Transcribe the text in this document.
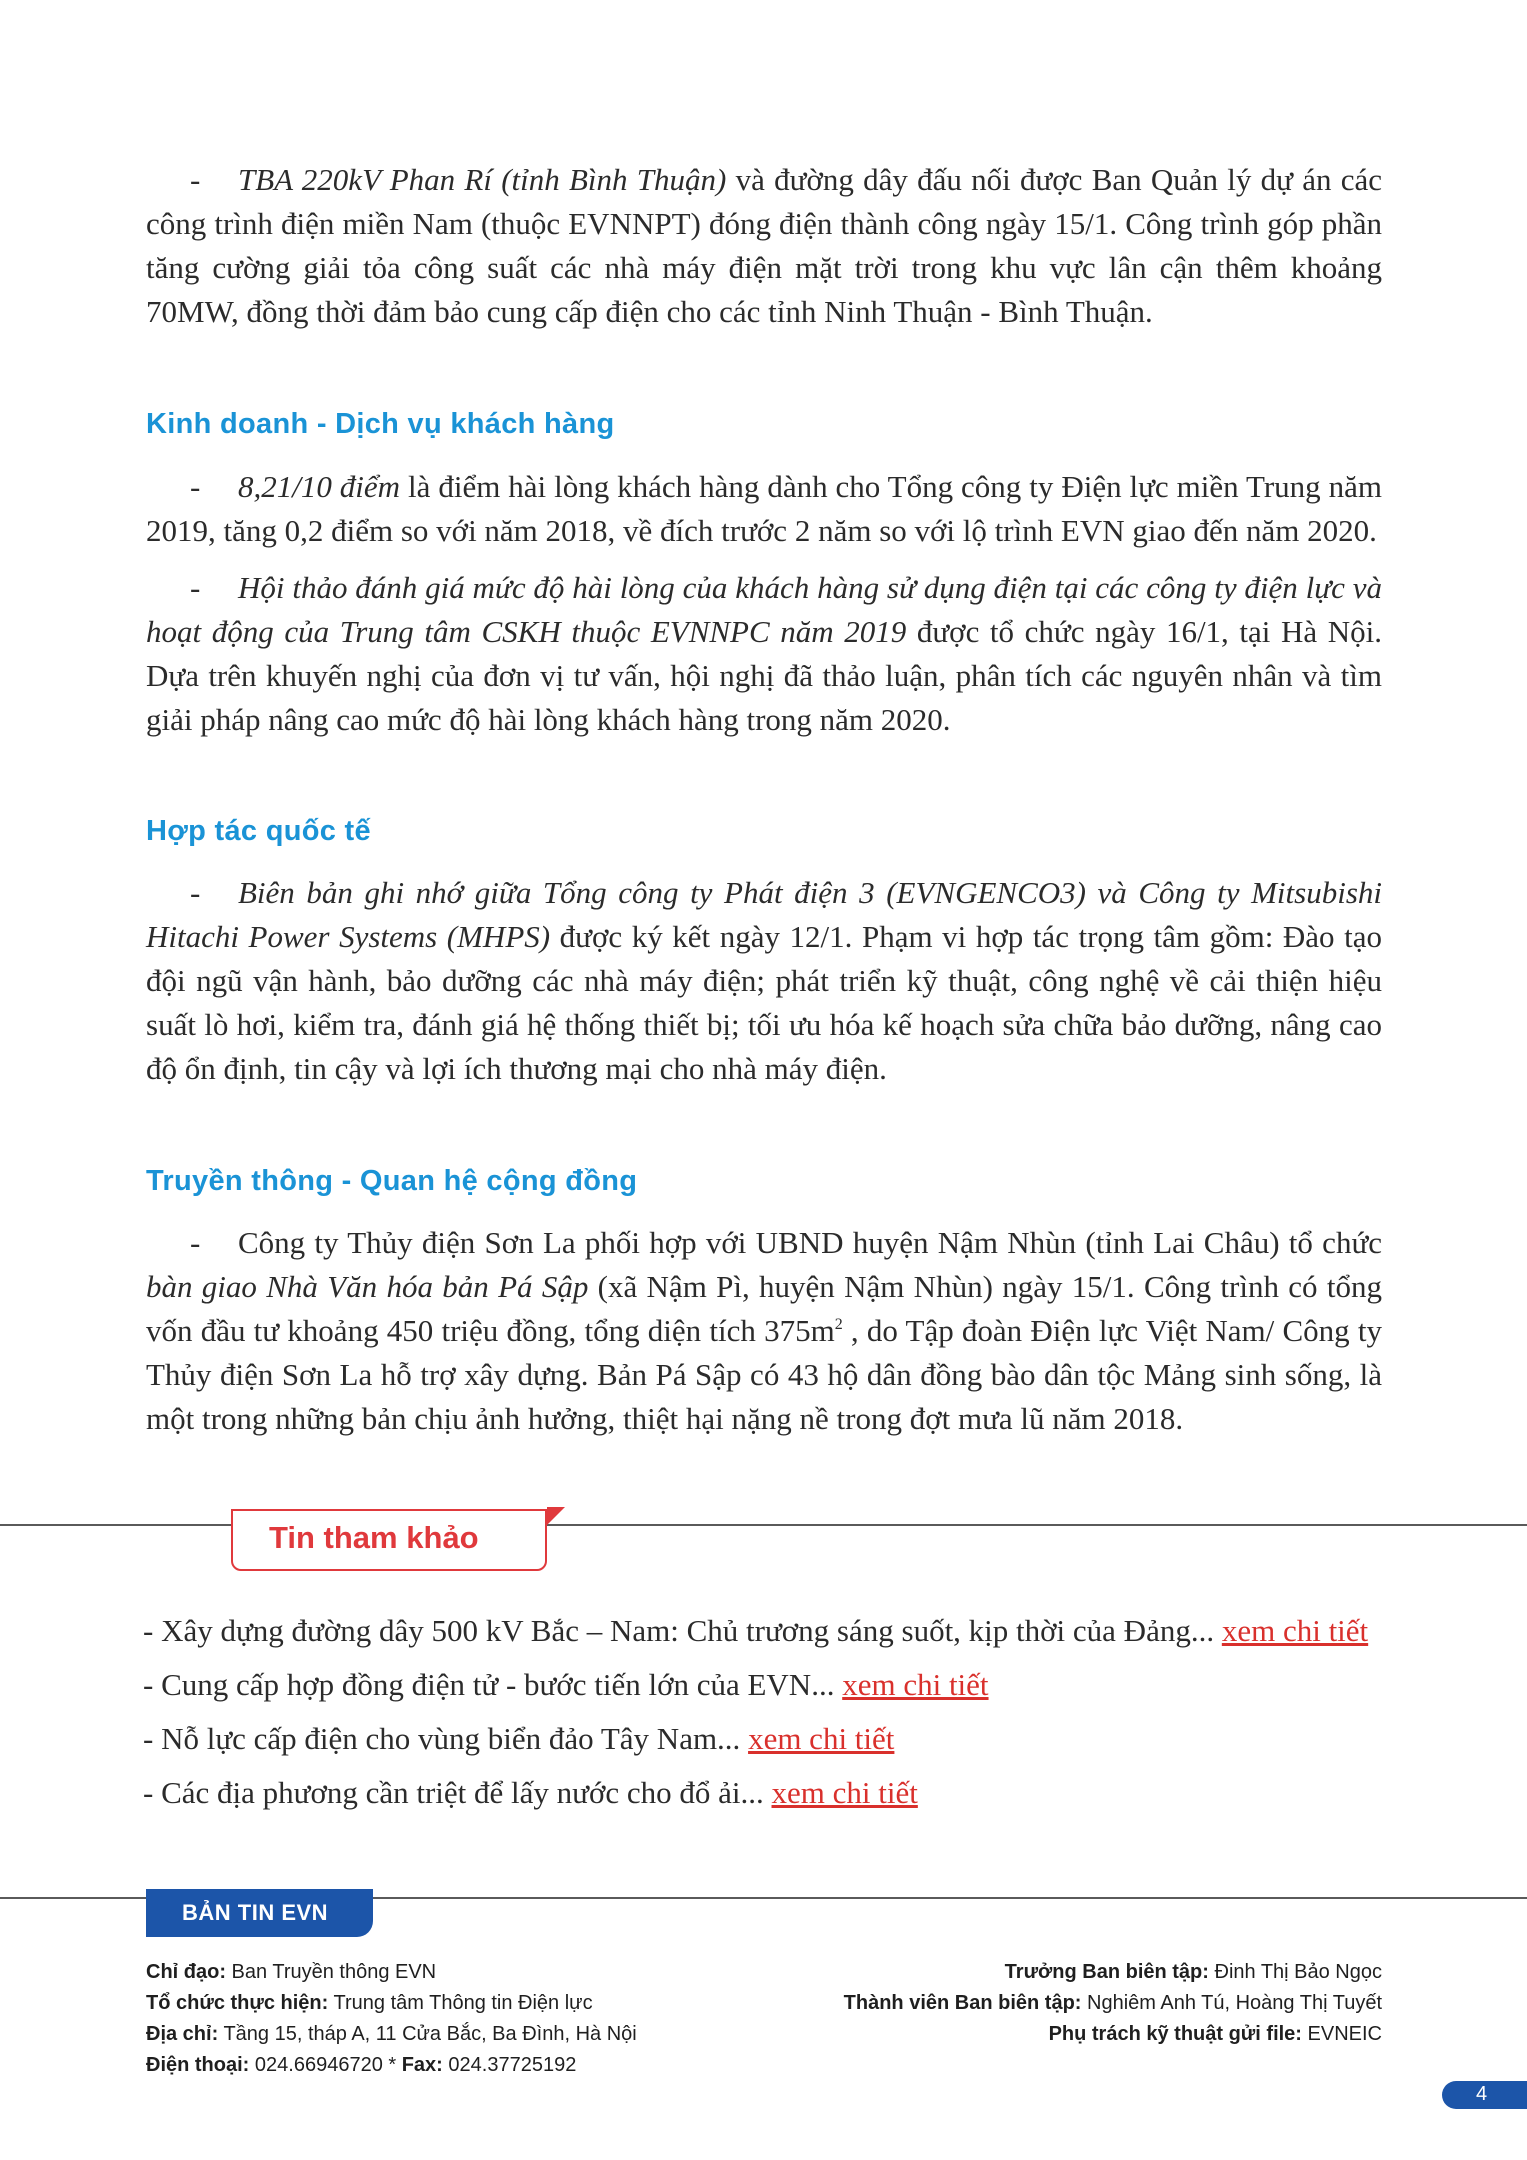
- TBA 220kV Phan Rí (tỉnh Bình Thuận) và đường dây đấu nối được Ban Quản lý dự án các công trình điện miền Nam (thuộc EVNNPT) đóng điện thành công ngày 15/1. Công trình góp phần tăng cường giải tỏa công suất các nhà máy điện mặt trời trong khu vực lân cận thêm khoảng 70MW, đồng thời đảm bảo cung cấp điện cho các tỉnh Ninh Thuận - Bình Thuận.

Kinh doanh - Dịch vụ khách hàng

- 8,21/10 điểm là điểm hài lòng khách hàng dành cho Tổng công ty Điện lực miền Trung năm 2019, tăng 0,2 điểm so với năm 2018, về đích trước 2 năm so với lộ trình EVN giao đến năm 2020.

- Hội thảo đánh giá mức độ hài lòng của khách hàng sử dụng điện tại các công ty điện lực và hoạt động của Trung tâm CSKH thuộc EVNNPC năm 2019 được tổ chức ngày 16/1, tại Hà Nội. Dựa trên khuyến nghị của đơn vị tư vấn, hội nghị đã thảo luận, phân tích các nguyên nhân và tìm giải pháp nâng cao mức độ hài lòng khách hàng trong năm 2020.

Hợp tác quốc tế

- Biên bản ghi nhớ giữa Tổng công ty Phát điện 3 (EVNGENCO3) và Công ty Mitsubishi Hitachi Power Systems (MHPS) được ký kết ngày 12/1. Phạm vi hợp tác trọng tâm gồm: Đào tạo đội ngũ vận hành, bảo dưỡng các nhà máy điện; phát triển kỹ thuật, công nghệ về cải thiện hiệu suất lò hơi, kiểm tra, đánh giá hệ thống thiết bị; tối ưu hóa kế hoạch sửa chữa bảo dưỡng, nâng cao độ ổn định, tin cậy và lợi ích thương mại cho nhà máy điện.

Truyền thông - Quan hệ cộng đồng

- Công ty Thủy điện Sơn La phối hợp với UBND huyện Nậm Nhùn (tỉnh Lai Châu) tổ chức bàn giao Nhà Văn hóa bản Pá Sập (xã Nậm Pì, huyện Nậm Nhùn) ngày 15/1. Công trình có tổng vốn đầu tư khoảng 450 triệu đồng, tổng diện tích $375m^2$ , do Tập đoàn Điện lực Việt Nam/ Công ty Thủy điện Sơn La hỗ trợ xây dựng. Bản Pá Sập có 43 hộ dân đồng bào dân tộc Mảng sinh sống, là một trong những bản chịu ảnh hưởng, thiệt hại nặng nề trong đợt mưa lũ năm 2018.

Tin tham khảo
- Xây dựng đường dây 500 kV Bắc – Nam: Chủ trương sáng suốt, kịp thời của Đảng... xem chi tiết
- Cung cấp hợp đồng điện tử - bước tiến lớn của EVN... xem chi tiết
- Nỗ lực cấp điện cho vùng biển đảo Tây Nam... xem chi tiết
- Các địa phương cần triệt để lấy nước cho đổ ải... xem chi tiết
BẢN TIN EVN
Chỉ đạo: Ban Truyền thông EVN
Tổ chức thực hiện: Trung tâm Thông tin Điện lực
Địa chỉ: Tầng 15, tháp A, 11 Cửa Bắc, Ba Đình, Hà Nội
Điện thoại: 024.66946720 * Fax: 024.37725192
Trưởng Ban biên tập: Đinh Thị Bảo Ngọc
Thành viên Ban biên tập: Nghiêm Anh Tú, Hoàng Thị Tuyết
Phụ trách kỹ thuật gửi file: EVNEIC
4
